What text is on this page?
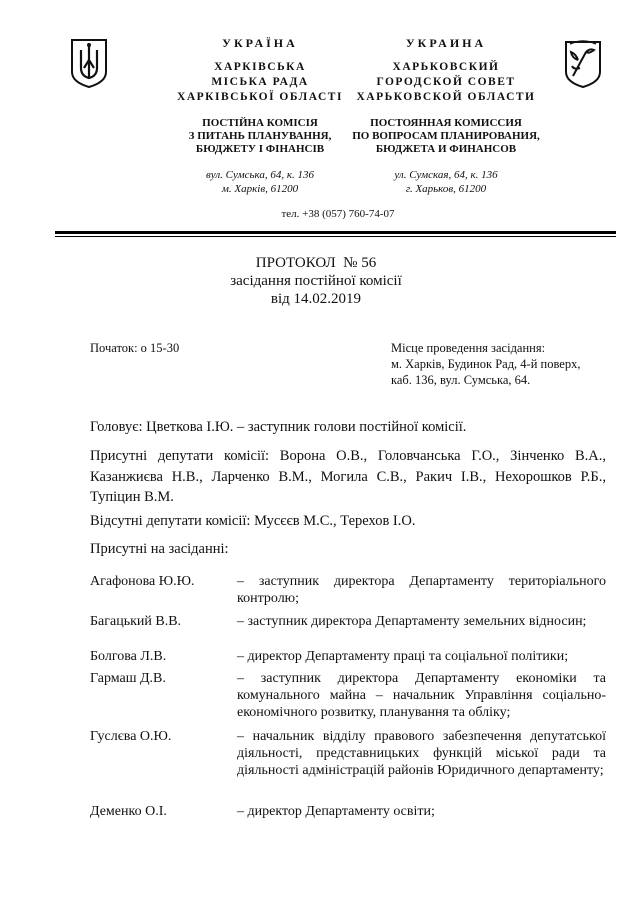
УКРАЇНА
ХАРКІВСЬКА
МІСЬКА РАДА
ХАРКІВСЬКОЇ ОБЛАСТІ
ПОСТІЙНА КОМІСІЯ
З ПИТАНЬ ПЛАНУВАННЯ,
БЮДЖЕТУ І ФІНАНСІВ
вул. Сумська, 64, к. 136
м. Харків, 61200
УКРАИНА
ХАРЬКОВСКИЙ
ГОРОДСКОЙ СОВЕТ
ХАРЬКОВСКОЙ ОБЛАСТИ
ПОСТОЯННАЯ КОМИССИЯ
ПО ВОПРОСАМ ПЛАНИРОВАНИЯ,
БЮДЖЕТА И ФИНАНСОВ
ул. Сумская, 64, к. 136
г. Харьков, 61200
тел. +38 (057) 760-74-07
ПРОТОКОЛ  № 56
засідання постійної комісії
від 14.02.2019
Початок: о 15-30	Місце проведення засідання:
м. Харків, Будинок Рад, 4-й поверх,
каб. 136, вул. Сумська, 64.
Головує: Цветкова І.Ю. – заступник голови постійної комісії.
Присутні депутати комісії: Ворона О.В., Головчанська Г.О., Зінченко В.А., Казанжиєва Н.В., Ларченко В.М., Могила С.В., Ракич І.В., Нехорошков Р.Б., Тупіцин В.М.
Відсутні депутати комісії: Мусєєв М.С., Терехов І.О.
Присутні на засіданні:
Агафонова Ю.Ю.	– заступник директора Департаменту територіального контролю;
Багацький В.В.	– заступник директора Департаменту земельних відносин;
Болгова Л.В.	– директор Департаменту праці та соціальної політики;
Гармаш Д.В.	– заступник директора Департаменту економіки та комунального майна – начальник Управління соціально-економічного розвитку, планування та обліку;
Гуслєва О.Ю.	– начальник відділу правового забезпечення депутатської діяльності, представницьких функцій міської ради та діяльності адміністрацій районів Юридичного департаменту;
Деменко О.І.	– директор Департаменту освіти;
